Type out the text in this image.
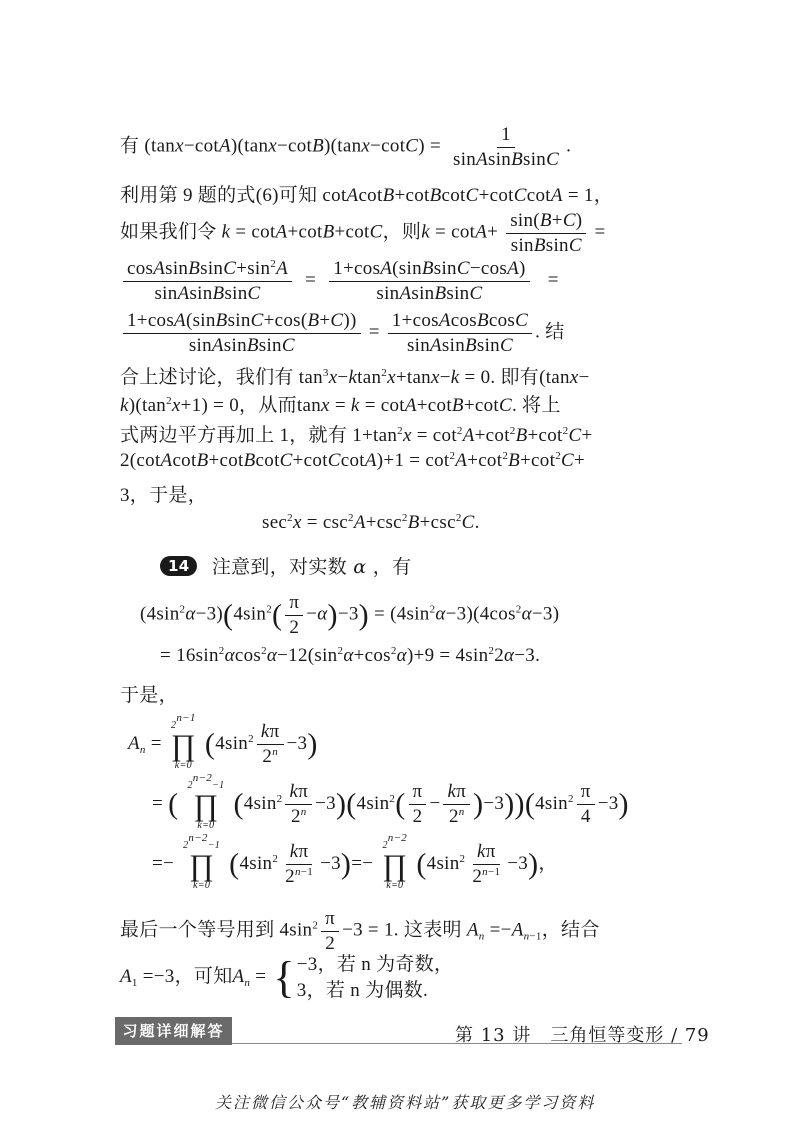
有 $(\tan x-\cot A)(\tan x-\cot B)(\tan x-\cot C) = \frac{1}{\text{sinAsinBsinC}}$ .
利用第 9 题的式(6)可知 cotAcotB+cotBcotC+cotCcotA = 1，
如果我们令 k = cotA+cotB+cotC，则$k = \cot A+ \frac{\sin(B+C)}{\text{sinBsinC}}$ =
$\frac{cosAsinBsinC+\sin^2A}{\text{sinAsinBsinC}} = \frac{\text{1+cosA(sinBsinC−cosA)}}{\text{sinAsinBsinC}}$ =
$\frac{\text{1+cosA(sinBsinC+cos(B+C))}}{\text{sinAsinBsinC}} = \frac{\text{1+cosAcosBcosC}}{\text{sinAsinBsinC}}$ . 结
合上述讨论，我们有 $\tan^3x-ktan^2x+\tan x-k = 0$. 即有(tanx−
$k)(\tan^2x+1) = 0$，从而tanx = k = cotA+cotB+cotC. 将上
式两边平方再加上 1，就有 $1+\tan^2x = \cot^2A+\cot^2B+\cot^2C+$
2(cotAcotB+cotBcotC+cotCcotA)+1 = $\cot^2A+\cot^2B+\cot^2C+$
3，于是，
$\sec^2x = \csc^2A+\csc^2B+\csc^2C$.
14 注意到，对实数 α ，有
$(4\sin^2\alpha-3)(4\sin^2( \frac{\pi}{2} -\alpha)-3) = (4\sin^2\alpha-3)(4\cos^2\alpha-3)$
= $16\sin^2\alpha\cos^2\alpha-12(\sin^2\alpha+\cos^2\alpha)+9 = 4\sin^22\alpha-3$.
于是，
$A_n$ =
$2^{n-1}$
∏
k=0
$(4\sin^2 \frac{k\pi}{2^n} -3)$
= (
$2^{n-2}-1$
∏
k=0
$(4\sin^2 \frac{k\pi}{2^n} -3)(4\sin^2( \frac{\pi}{2} - \frac{k\pi}{2^n} )-3))(4\sin^2 \frac{\pi}{4} -3)$
=−
$2^{n-2}-1$
∏
k=0
$(4\sin^2 \frac{k\pi}{2^{n-1}} -3)=-$
$2^{n-2}$
∏
k=0
$(4\sin^2 \frac{k\pi}{2^{n-1}} -3)$，
最后一个等号用到 $4\sin^2 \frac{\pi}{2} -3 = 1$. 这表明 $A_n =-A_{n-1}$，结合
$A_1 =-3$，可知$A_n$ = { −3，若 n 为奇数，
3，若 n 为偶数.
习题详细解答	第 13 讲　三角恒等变形 / 79
关注微信公众号“教辅资料站”获取更多学习资料
